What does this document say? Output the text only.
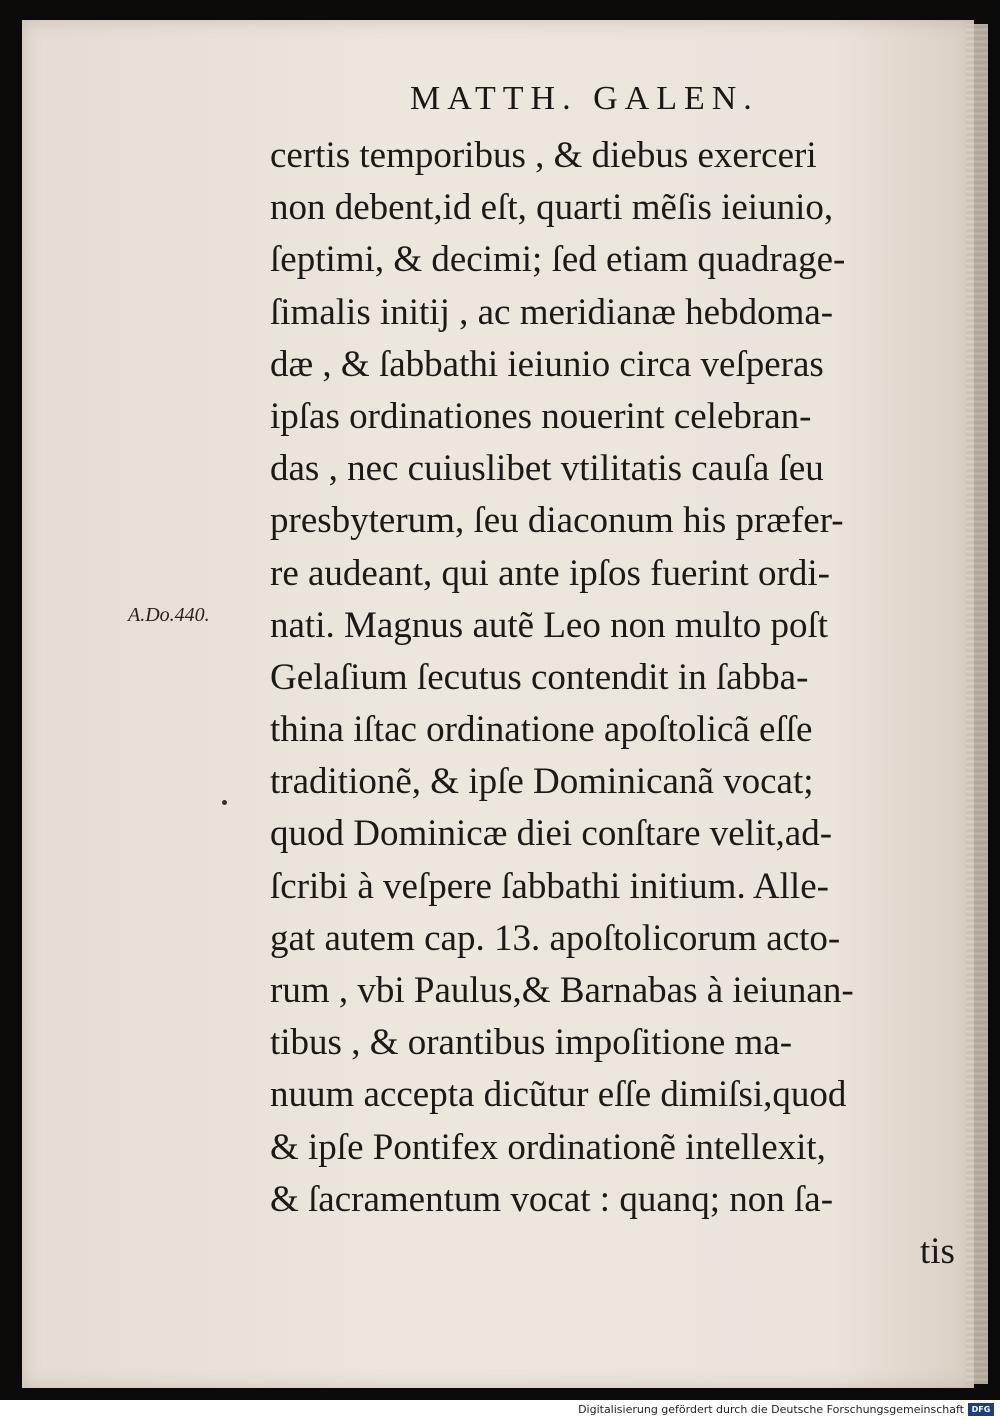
MATTH. GALEN.
A.Do.440.
certis temporibus , & diebus exerceri
non debent,id eſt, quarti mẽſis ieiunio,
ſeptimi, & decimi; ſed etiam quadrage-
ſimalis initij , ac meridianæ hebdoma-
dæ , & ſabbathi ieiunio circa veſperas
ipſas ordinationes nouerint celebran-
das , nec cuiuslibet vtilitatis cauſa ſeu
presbyterum, ſeu diaconum his præfer-
re audeant, qui ante ipſos fuerint ordi-
nati. Magnus autẽ Leo non multo poſt
Gelaſium ſecutus contendit in ſabba-
thina iſtac ordinatione apoſtolicã eſſe
traditionẽ, & ipſe Dominicanã vocat;
quod Dominicæ diei conſtare velit,ad-
ſcribi à veſpere ſabbathi initium. Alle-
gat autem cap. 13. apoſtolicorum acto-
rum , vbi Paulus,& Barnabas à ieiunan-
tibus , & orantibus impoſitione ma-
nuum accepta dicũtur eſſe dimiſsi,quod
& ipſe Pontifex ordinationẽ intellexit,
& ſacramentum vocat : quanq; non ſa-
tis
Digitalisierung gefördert durch die Deutsche Forschungsgemeinschaft DFG
